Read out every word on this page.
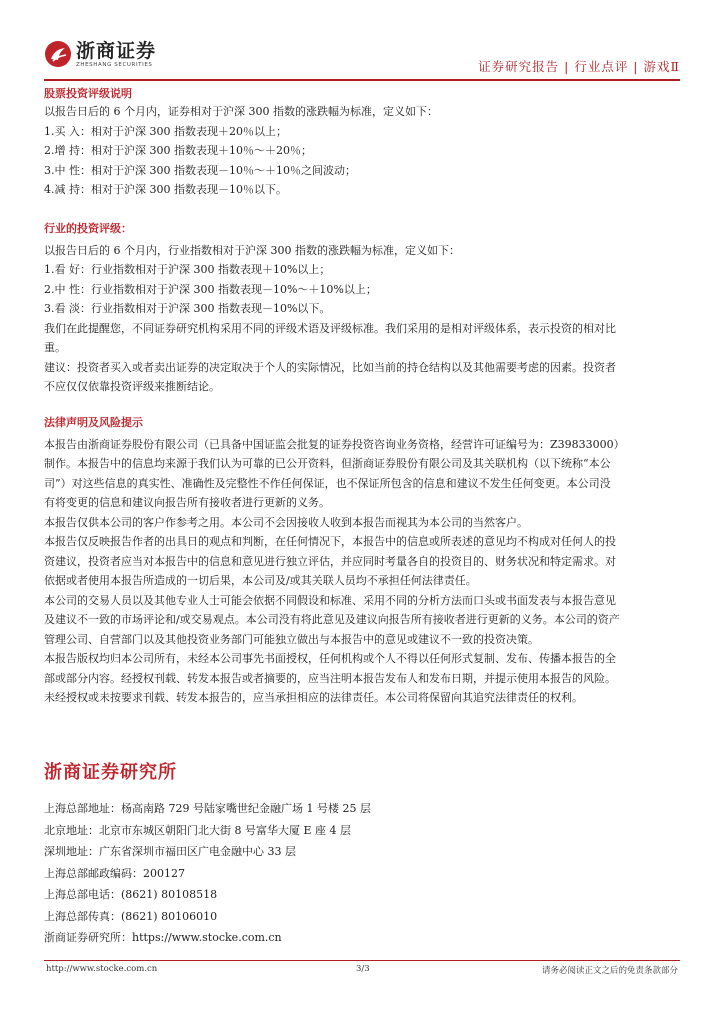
浙商证券
ZHESHANG SECURITIES	证券研究报告 | 行业点评 | 游戏Ⅱ
股票投资评级说明

以报告日后的 6 个月内，证券相对于沪深 300 指数的涨跌幅为标准，定义如下：

1.买 入：相对于沪深 300 指数表现＋20％以上；

2.增 持：相对于沪深 300 指数表现＋10％～＋20％；

3.中 性：相对于沪深 300 指数表现－10％～＋10％之间波动；

4.减 持：相对于沪深 300 指数表现－10％以下。

行业的投资评级：

以报告日后的 6 个月内，行业指数相对于沪深 300 指数的涨跌幅为标准，定义如下：

1.看 好：行业指数相对于沪深 300 指数表现＋10%以上；

2.中 性：行业指数相对于沪深 300 指数表现－10%～＋10%以上；

3.看 淡：行业指数相对于沪深 300 指数表现－10%以下。

我们在此提醒您，不同证券研究机构采用不同的评级术语及评级标准。我们采用的是相对评级体系，表示投资的相对比

重。

建议：投资者买入或者卖出证券的决定取决于个人的实际情况，比如当前的持仓结构以及其他需要考虑的因素。投资者

不应仅仅依靠投资评级来推断结论。

法律声明及风险提示

本报告由浙商证券股份有限公司（已具备中国证监会批复的证券投资咨询业务资格，经营许可证编号为：Z39833000）

制作。本报告中的信息均来源于我们认为可靠的已公开资料，但浙商证券股份有限公司及其关联机构（以下统称“本公

司”）对这些信息的真实性、准确性及完整性不作任何保证，也不保证所包含的信息和建议不发生任何变更。本公司没

有将变更的信息和建议向报告所有接收者进行更新的义务。

本报告仅供本公司的客户作参考之用。本公司不会因接收人收到本报告而视其为本公司的当然客户。

本报告仅反映报告作者的出具日的观点和判断，在任何情况下，本报告中的信息或所表述的意见均不构成对任何人的投

资建议，投资者应当对本报告中的信息和意见进行独立评估，并应同时考量各自的投资目的、财务状况和特定需求。对

依据或者使用本报告所造成的一切后果，本公司及/或其关联人员均不承担任何法律责任。

本公司的交易人员以及其他专业人士可能会依据不同假设和标准、采用不同的分析方法而口头或书面发表与本报告意见

及建议不一致的市场评论和/或交易观点。本公司没有将此意见及建议向报告所有接收者进行更新的义务。本公司的资产

管理公司、自营部门以及其他投资业务部门可能独立做出与本报告中的意见或建议不一致的投资决策。

本报告版权均归本公司所有，未经本公司事先书面授权，任何机构或个人不得以任何形式复制、发布、传播本报告的全

部或部分内容。经授权刊载、转发本报告或者摘要的，应当注明本报告发布人和发布日期，并提示使用本报告的风险。

未经授权或未按要求刊载、转发本报告的，应当承担相应的法律责任。本公司将保留向其追究法律责任的权利。

浙商证券研究所

上海总部地址：杨高南路 729 号陆家嘴世纪金融广场 1 号楼 25 层

北京地址：北京市东城区朝阳门北大街 8 号富华大厦 E 座 4 层

深圳地址：广东省深圳市福田区广电金融中心 33 层

上海总部邮政编码：200127

上海总部电话：(8621) 80108518

上海总部传真：(8621) 80106010

浙商证券研究所：https://www.stocke.com.cn

http://www.stocke.com.cn	3/3	请务必阅读正文之后的免责条款部分
